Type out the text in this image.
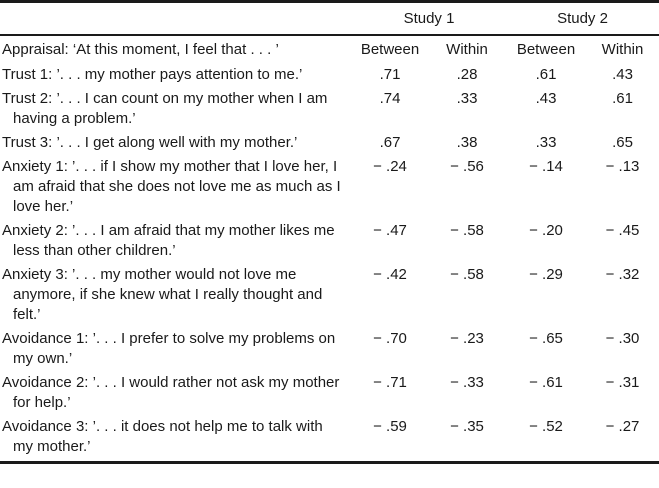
	Study 1		Study 2	
Appraisal: ‘At this moment, I feel that . . . ’	Between	Within	Between	Within
Trust 1: ’. . . my mother pays attention to me.’	.71	.28	.61	.43
Trust 2: ’. . . I can count on my mother when I am having a problem.’	.74	.33	.43	.61
Trust 3: ’. . . I get along well with my mother.’	.67	.38	.33	.65
Anxiety 1: ’. . . if I show my mother that I love her, I am afraid that she does not love me as much as I love her.’	− .24	− .56	− .14	− .13
Anxiety 2: ’. . . I am afraid that my mother likes me less than other children.’	− .47	− .58	− .20	− .45
Anxiety 3: ’. . . my mother would not love me anymore, if she knew what I really thought and felt.’	− .42	− .58	− .29	− .32
Avoidance 1: ’. . . I prefer to solve my problems on my own.’	− .70	− .23	− .65	− .30
Avoidance 2: ’. . . I would rather not ask my mother for help.’	− .71	− .33	− .61	− .31
Avoidance 3: ’. . . it does not help me to talk with my mother.’	− .59	− .35	− .52	− .27
